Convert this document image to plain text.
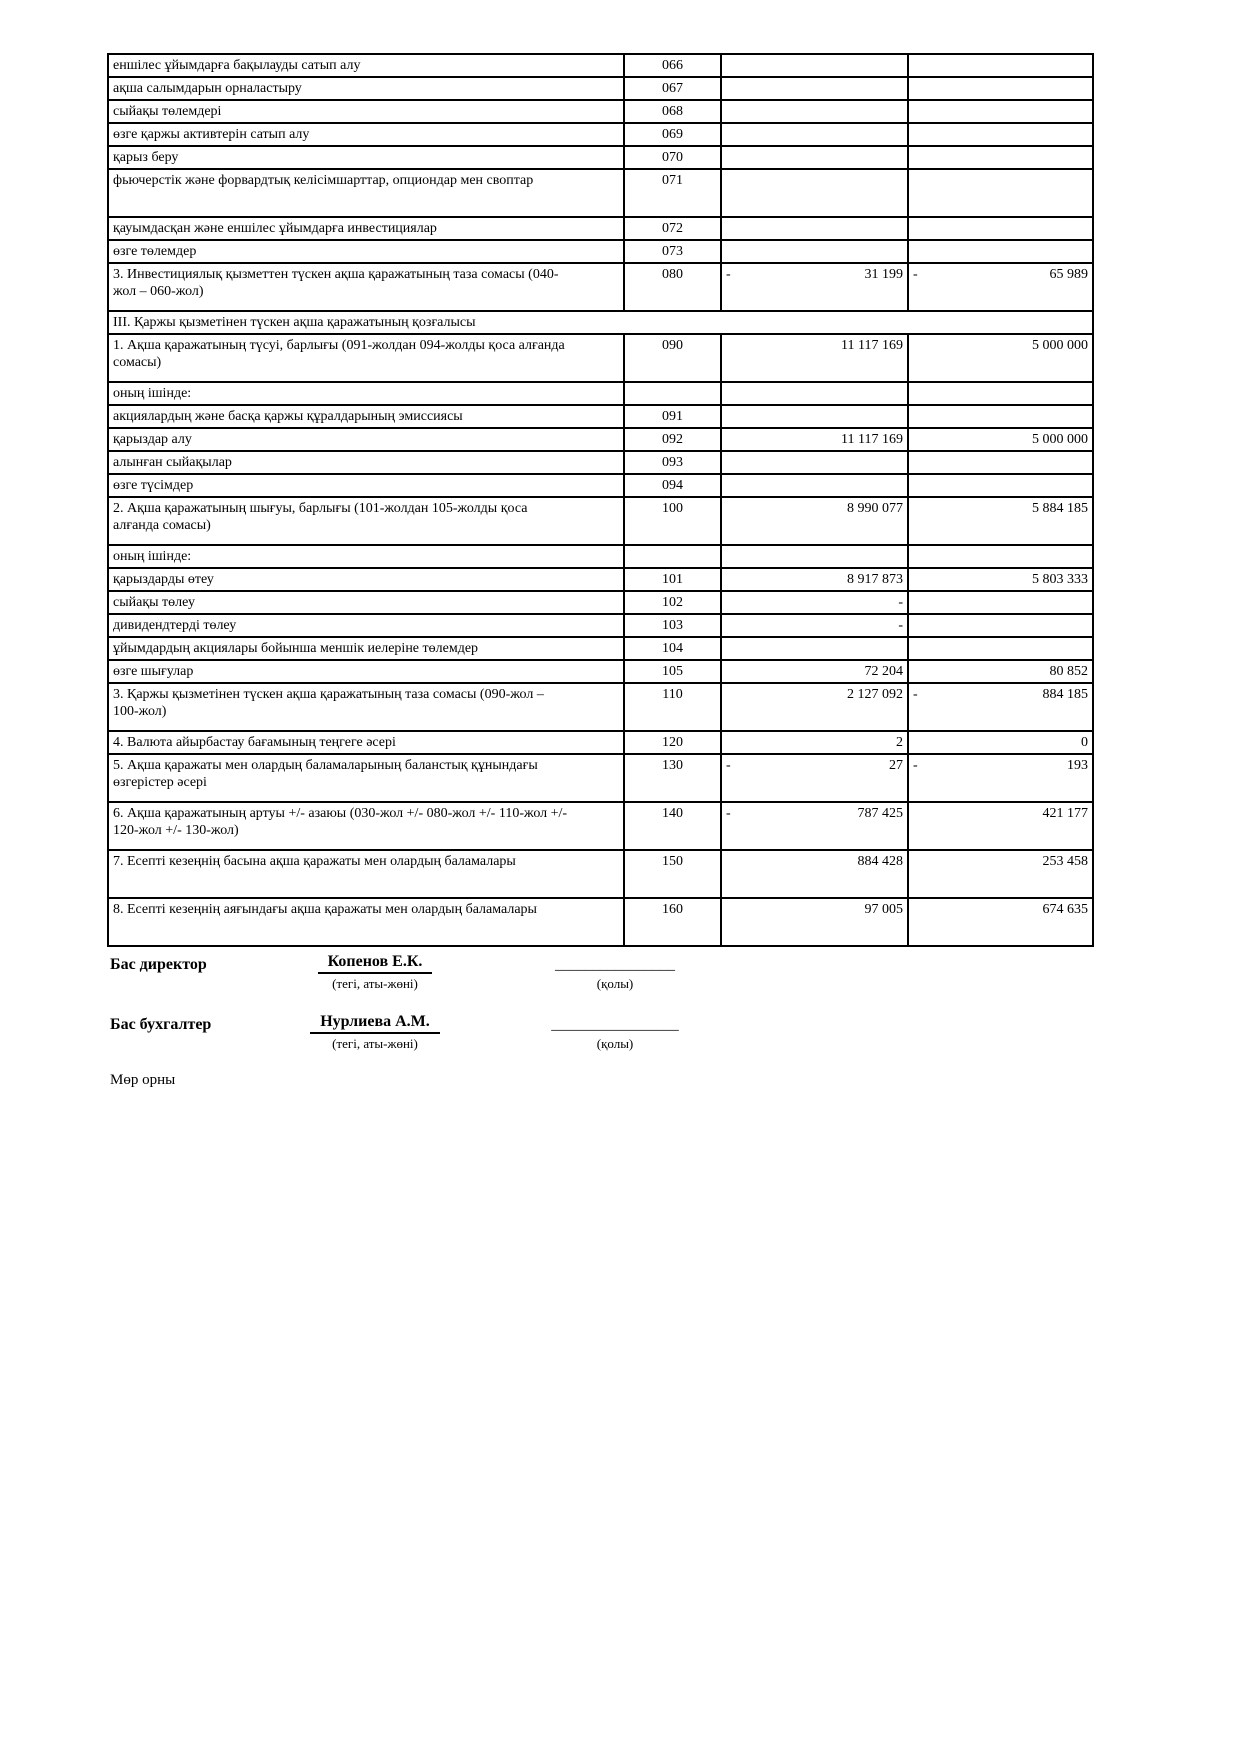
еншілес ұйымдарға бақылауды сатып алу	066	

ақша салымдарын орналастыру	067	

сыйақы төлемдері	068	

өзге қаржы активтерін сатып алу	069	

қарыз беру	070	

фьючерстік және форвардтық келісімшарттар, опциондар мен своптар	071	

қауымдасқан және еншілес ұйымдарға инвестициялар	072	

өзге төлемдер	073	

3. Инвестициялық қызметтен түскен ақша қаражатының таза сомасы (040-жол – 060-жол)	080	- 31 199	- 65 989

III. Қаржы қызметінен түскен ақша қаражатының қозғалысы			

1. Ақша қаражатының түсуі, барлығы (091-жолдан 094-жолды қоса алғанда сомасы)	090	11 117 169	5 000 000

оның ішінде:			

акциялардың және басқа қаржы құралдарының эмиссиясы	091	

қарыздар алу	092	11 117 169	5 000 000

алынған сыйақылар	093	

өзге түсімдер	094	

2. Ақша қаражатының шығуы, барлығы (101-жолдан 105-жолды қоса алғанда сомасы)	100	8 990 077	5 884 185

оның ішінде:			

қарыздарды өтеу	101	8 917 873	5 803 333

сыйақы төлеу	102	-	

дивидендтерді төлеу	103	-	

ұйымдардың акциялары бойынша меншік иелеріне төлемдер	104	

өзге шығулар	105	72 204	80 852

3. Қаржы қызметінен түскен ақша қаражатының таза сомасы (090-жол – 100-жол)	110	2 127 092	- 884 185

4. Валюта айырбастау бағамының теңгеге әсері	120	2	0

5. Ақша қаражаты мен олардың баламаларының баланстық құнындағы өзгерістер әсері	130	- 27	- 193

6. Ақша қаражатының артуы +/- азаюы (030-жол +/- 080-жол +/- 110-жол +/- 120-жол +/- 130-жол)	140	- 787 425	421 177

7. Есепті кезеңнің басына ақша қаражаты мен олардың баламалары	150	884 428	253 458

8. Есепті кезеңнің аяғындағы ақша қаражаты мен олардың баламалары	160	97 005	674 635
Бас директор	Копенов Е.К.	________________
(тегі, аты-жөні)	(қолы)
Бас бухгалтер	Нурлиева А.М.	_________________
(тегі, аты-жөні)	(қолы)
Мөр орны
